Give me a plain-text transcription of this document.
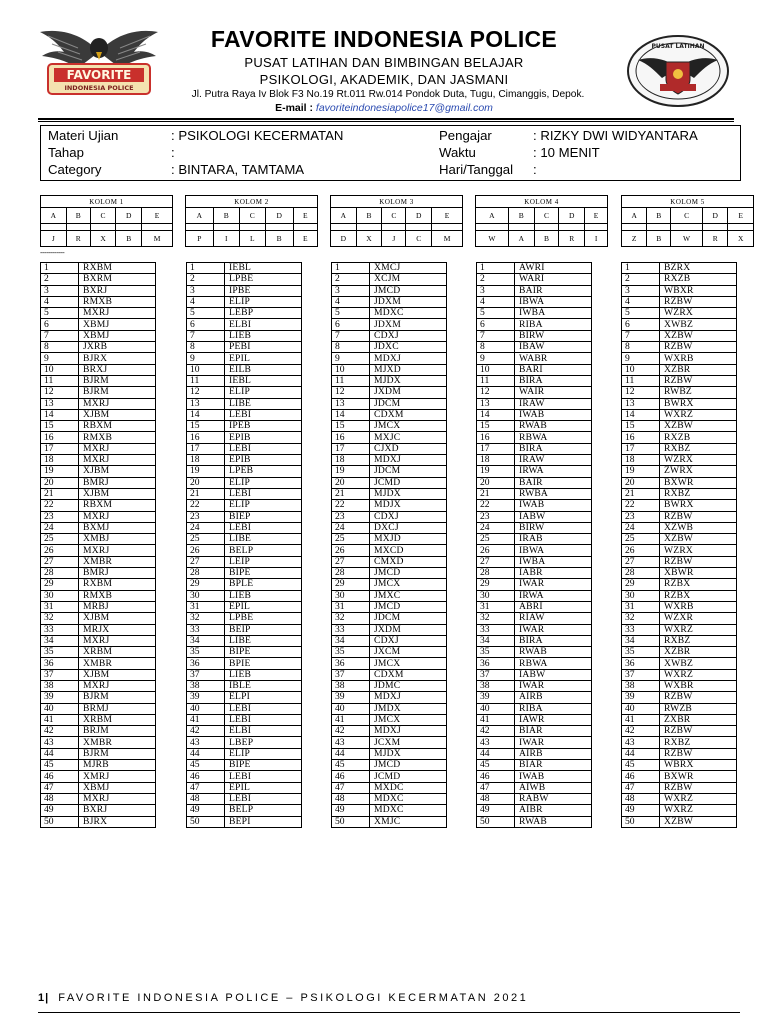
FAVORITE
INDONESIA POLICE
FAVORITE INDONESIA POLICE
PUSAT LATIHAN DAN BIMBINGAN BELAJAR
PSIKOLOGI, AKADEMIK, DAN JASMANI
Jl. Putra Raya Iv Blok F3 No.19 Rt.011 Rw.014 Pondok Duta, Tugu, Cimanggis, Depok.
E-mail : favoriteindonesiapolice17@gmail.com
PUSAT LATIHAN
Materi Ujian	: PSIKOLOGI KECERMATAN
Tahap	:
Category	: BINTARA, TAMTAMA
Pengajar	: RIZKY DWI WIDYANTARA
Waktu	: 10 MENIT
Hari/Tanggal :
KOLOM 1				
A	B	C	D	E

J	R	X	B	M
KOLOM 2				
A	B	C	D	E

P	I	L	B	E
KOLOM 3				
A	B	C	D	E

D	X	J	C	M
KOLOM 4				
A	B	C	D	E

W	A	B	R	I
KOLOM 5				
A	B	C	D	E

Z	B	W	R	X
------------
1	RXBM
2	BXRM
3	BXRJ
4	RMXB
5	MXRJ
6	XBMJ
7	XBMJ
8	JXRB
9	BJRX
10	BRXJ
11	BJRM
12	BJRM
13	MXRJ
14	XJBM
15	RBXM
16	RMXB
17	MXRJ
18	MXRJ
19	XJBM
20	BMRJ
21	XJBM
22	RBXM
23	MXRJ
24	BXMJ
25	XMBJ
26	MXRJ
27	XMBR
28	BMRJ
29	RXBM
30	RMXB
31	MRBJ
32	XJBM
33	MRJX
34	MXRJ
35	XRBM
36	XMBR
37	XJBM
38	MXRJ
39	BJRM
40	BRMJ
41	XRBM
42	BRJM
43	XMBR
44	BJRM
45	MJRB
46	XMRJ
47	XBMJ
48	MXRJ
49	BXRJ
50	BJRX
1	IEBL
2	LPBE
3	IPBE
4	ELIP
5	LEBP
6	ELBI
7	LIEB
8	PEBI
9	EPIL
10	EILB
11	IEBL
12	ELIP
13	LIBE
14	LEBI
15	IPEB
16	EPIB
17	LEBI
18	EPIB
19	LPEB
20	ELIP
21	LEBI
22	ELIP
23	BIEP
24	LEBI
25	LIBE
26	BELP
27	LEIP
28	BIPE
29	BPLE
30	LIEB
31	EPIL
32	LPBE
33	BEIP
34	LIBE
35	BIPE
36	BPIE
37	LIEB
38	IBLE
39	ELPI
40	LEBI
41	LEBI
42	ELBI
43	LBEP
44	ELIP
45	BIPE
46	LEBI
47	EPIL
48	LEBI
49	BELP
50	BEPI
1	XMCJ
2	XCJM
3	JMCD
4	JDXM
5	MDXC
6	JDXM
7	CDXJ
8	JDXC
9	MDXJ
10	MJXD
11	MJDX
12	JXDM
13	JDCM
14	CDXM
15	JMCX
16	MXJC
17	CJXD
18	MDXJ
19	JDCM
20	JCMD
21	MJDX
22	MDJX
23	CDXJ
24	DXCJ
25	MXJD
26	MXCD
27	CMXD
28	JMCD
29	JMCX
30	JMXC
31	JMCD
32	JDCM
33	JXDM
34	CDXJ
35	JXCM
36	JMCX
37	CDXM
38	JDMC
39	MDXJ
40	JMDX
41	JMCX
42	MDXJ
43	JCXM
44	MJDX
45	JMCD
46	JCMD
47	MXDC
48	MDXC
49	MDXC
50	XMJC
1	AWRI
2	WARI
3	BAIR
4	IBWA
5	IWBA
6	RIBA
7	BIRW
8	IBAW
9	WABR
10	BARI
11	BIRA
12	WAIR
13	IRAW
14	IWAB
15	RWAB
16	RBWA
17	BIRA
18	IRAW
19	IRWA
20	BAIR
21	RWBA
22	IWAB
23	IABW
24	BIRW
25	IRAB
26	IBWA
27	IWBA
28	IABR
29	IWAR
30	IRWA
31	ABRI
32	RIAW
33	IWAR
34	BIRA
35	RWAB
36	RBWA
37	IABW
38	IWAR
39	AIRB
40	RIBA
41	IAWR
42	BIAR
43	IWAR
44	AIRB
45	BIAR
46	IWAB
47	AIWB
48	RABW
49	AIBR
50	RWAB
1	BZRX
2	RXZB
3	WBXR
4	RZBW
5	WZRX
6	XWBZ
7	XZBW
8	RZBW
9	WXRB
10	XZBR
11	RZBW
12	RWBZ
13	BWRX
14	WXRZ
15	XZBW
16	RXZB
17	RXBZ
18	WZRX
19	ZWRX
20	BXWR
21	RXBZ
22	BWRX
23	RZBW
24	XZWB
25	XZBW
26	WZRX
27	RZBW
28	XBWR
29	RZBX
30	RZBX
31	WXRB
32	WZXR
33	WXRZ
34	RXBZ
35	XZBR
36	XWBZ
37	WXRZ
38	WXBR
39	RZBW
40	RWZB
41	ZXBR
42	RZBW
43	RXBZ
44	RZBW
45	WBRX
46	BXWR
47	RZBW
48	WXRZ
49	WXRZ
50	XZBW
1| FAVORITE INDONESIA POLICE – PSIKOLOGI KECERMATAN 2021
